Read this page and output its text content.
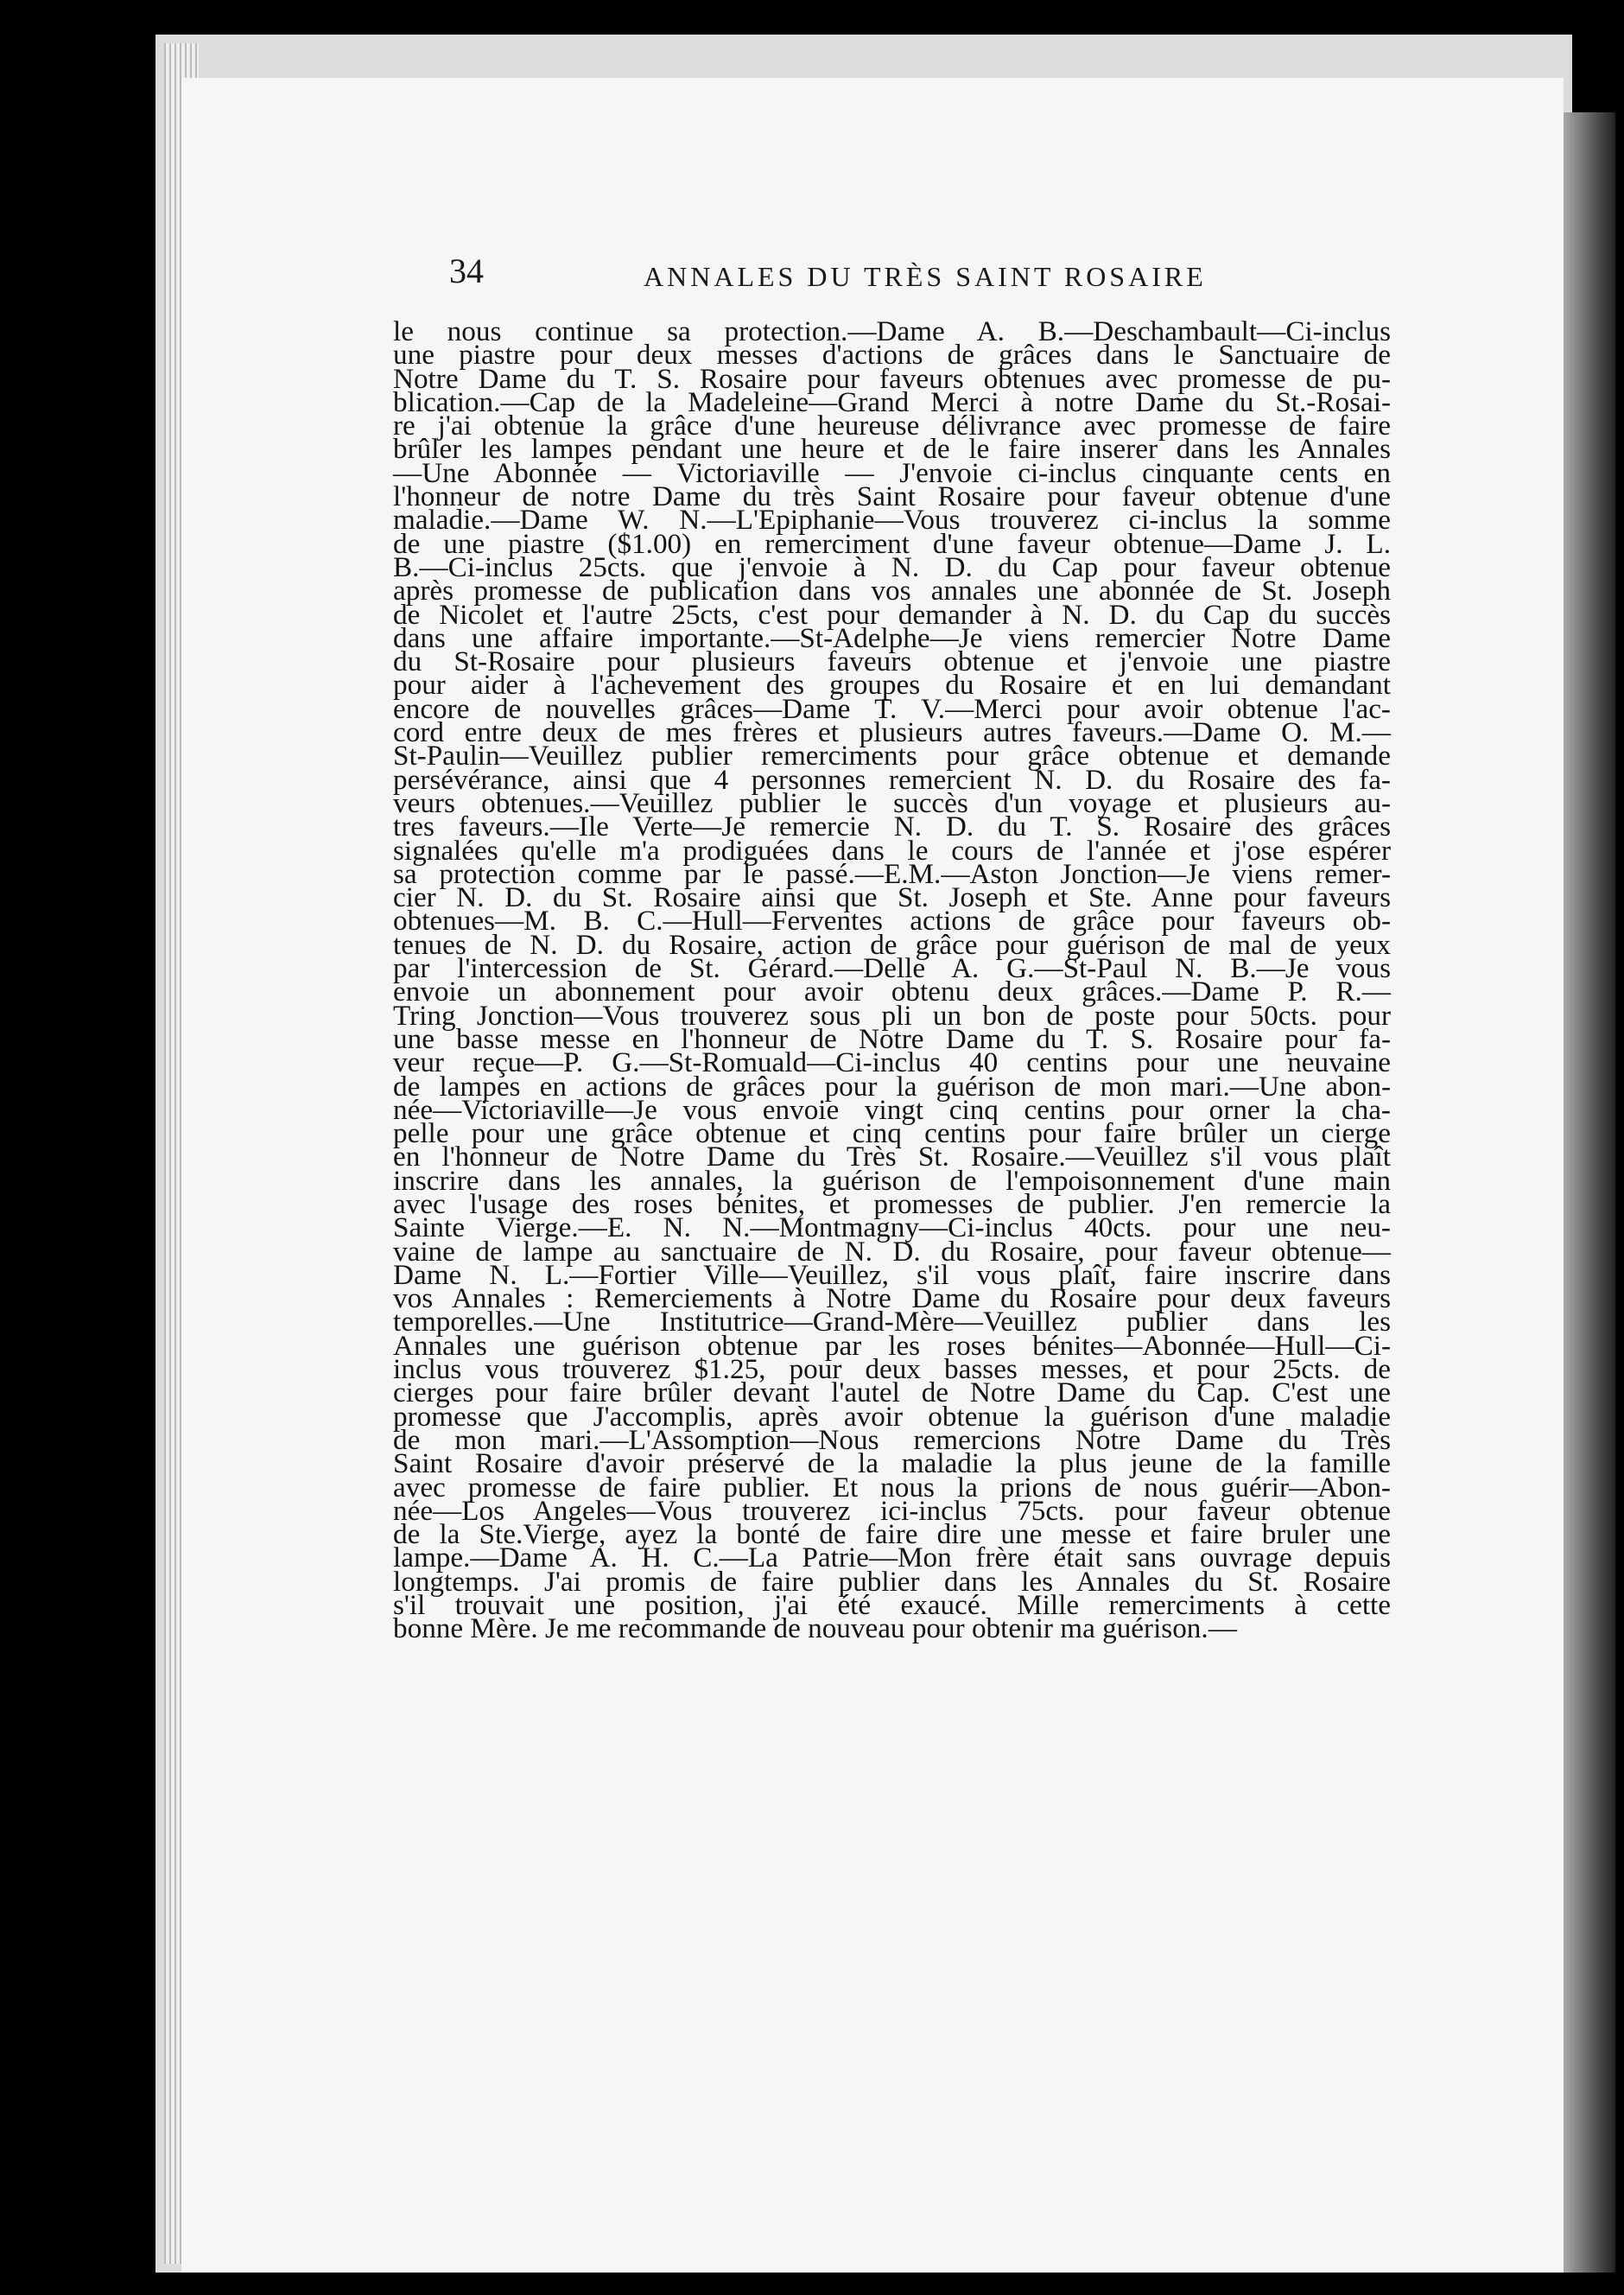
34	ANNALES DU TRÈS SAINT ROSAIRE

le nous continue sa protection.—Dame A. B.—Deschambault—Ci-inclus

une piastre pour deux messes d'actions de grâces dans le Sanctuaire de

Notre Dame du T. S. Rosaire pour faveurs obtenues avec promesse de pu-

blication.—Cap de la Madeleine—Grand Merci à notre Dame du St.-Rosai-

re j'ai obtenue la grâce d'une heureuse délivrance avec promesse de faire

brûler les lampes pendant une heure et de le faire inserer dans les Annales

—Une Abonnée — Victoriaville — J'envoie ci-inclus cinquante cents en

l'honneur de notre Dame du très Saint Rosaire pour faveur obtenue d'une

maladie.—Dame W. N.—L'Epiphanie—Vous trouverez ci-inclus la somme

de une piastre ($1.00) en remerciment d'une faveur obtenue—Dame J. L.

B.—Ci-inclus 25cts. que j'envoie à N. D. du Cap pour faveur obtenue

après promesse de publication dans vos annales une abonnée de St. Joseph

de Nicolet et l'autre 25cts, c'est pour demander à N. D. du Cap du succès

dans une affaire importante.—St-Adelphe—Je viens remercier Notre Dame

du St-Rosaire pour plusieurs faveurs obtenue et j'envoie une piastre

pour aider à l'achevement des groupes du Rosaire et en lui demandant

encore de nouvelles grâces—Dame T. V.—Merci pour avoir obtenue l'ac-

cord entre deux de mes frères et plusieurs autres faveurs.—Dame O. M.—

St-Paulin—Veuillez publier remerciments pour grâce obtenue et demande

persévérance, ainsi que 4 personnes remercient N. D. du Rosaire des fa-

veurs obtenues.—Veuillez publier le succès d'un voyage et plusieurs au-

tres faveurs.—Ile Verte—Je remercie N. D. du T. S. Rosaire des grâces

signalées qu'elle m'a prodiguées dans le cours de l'année et j'ose espérer

sa protection comme par le passé.—E.M.—Aston Jonction—Je viens remer-

cier N. D. du St. Rosaire ainsi que St. Joseph et Ste. Anne pour faveurs

obtenues—M. B. C.—Hull—Ferventes actions de grâce pour faveurs ob-

tenues de N. D. du Rosaire, action de grâce pour guérison de mal de yeux

par l'intercession de St. Gérard.—Delle A. G.—St-Paul N. B.—Je vous

envoie un abonnement pour avoir obtenu deux grâces.—Dame P. R.—

Tring Jonction—Vous trouverez sous pli un bon de poste pour 50cts. pour

une basse messe en l'honneur de Notre Dame du T. S. Rosaire pour fa-

veur reçue—P. G.—St-Romuald—Ci-inclus 40 centins pour une neuvaine

de lampes en actions de grâces pour la guérison de mon mari.—Une abon-

née—Victoriaville—Je vous envoie vingt cinq centins pour orner la cha-

pelle pour une grâce obtenue et cinq centins pour faire brûler un cierge

en l'honneur de Notre Dame du Très St. Rosaire.—Veuillez s'il vous plaît

inscrire dans les annales, la guérison de l'empoisonnement d'une main

avec l'usage des roses bénites, et promesses de publier. J'en remercie la

Sainte Vierge.—E. N. N.—Montmagny—Ci-inclus 40cts. pour une neu-

vaine de lampe au sanctuaire de N. D. du Rosaire, pour faveur obtenue—

Dame N. L.—Fortier Ville—Veuillez, s'il vous plaît, faire inscrire dans

vos Annales : Remerciements à Notre Dame du Rosaire pour deux faveurs

temporelles.—Une Institutrice—Grand-Mère—Veuillez publier dans les

Annales une guérison obtenue par les roses bénites—Abonnée—Hull—Ci-

inclus vous trouverez $1.25, pour deux basses messes, et pour 25cts. de

cierges pour faire brûler devant l'autel de Notre Dame du Cap. C'est une

promesse que J'accomplis, après avoir obtenue la guérison d'une maladie

de mon mari.—L'Assomption—Nous remercions Notre Dame du Très

Saint Rosaire d'avoir préservé de la maladie la plus jeune de la famille

avec promesse de faire publier. Et nous la prions de nous guérir—Abon-

née—Los Angeles—Vous trouverez ici-inclus 75cts. pour faveur obtenue

de la Ste.Vierge, ayez la bonté de faire dire une messe et faire bruler une

lampe.—Dame A. H. C.—La Patrie—Mon frère était sans ouvrage depuis

longtemps. J'ai promis de faire publier dans les Annales du St. Rosaire

s'il trouvait une position, j'ai été exaucé. Mille remerciments à cette

bonne Mère. Je me recommande de nouveau pour obtenir ma guérison.—
